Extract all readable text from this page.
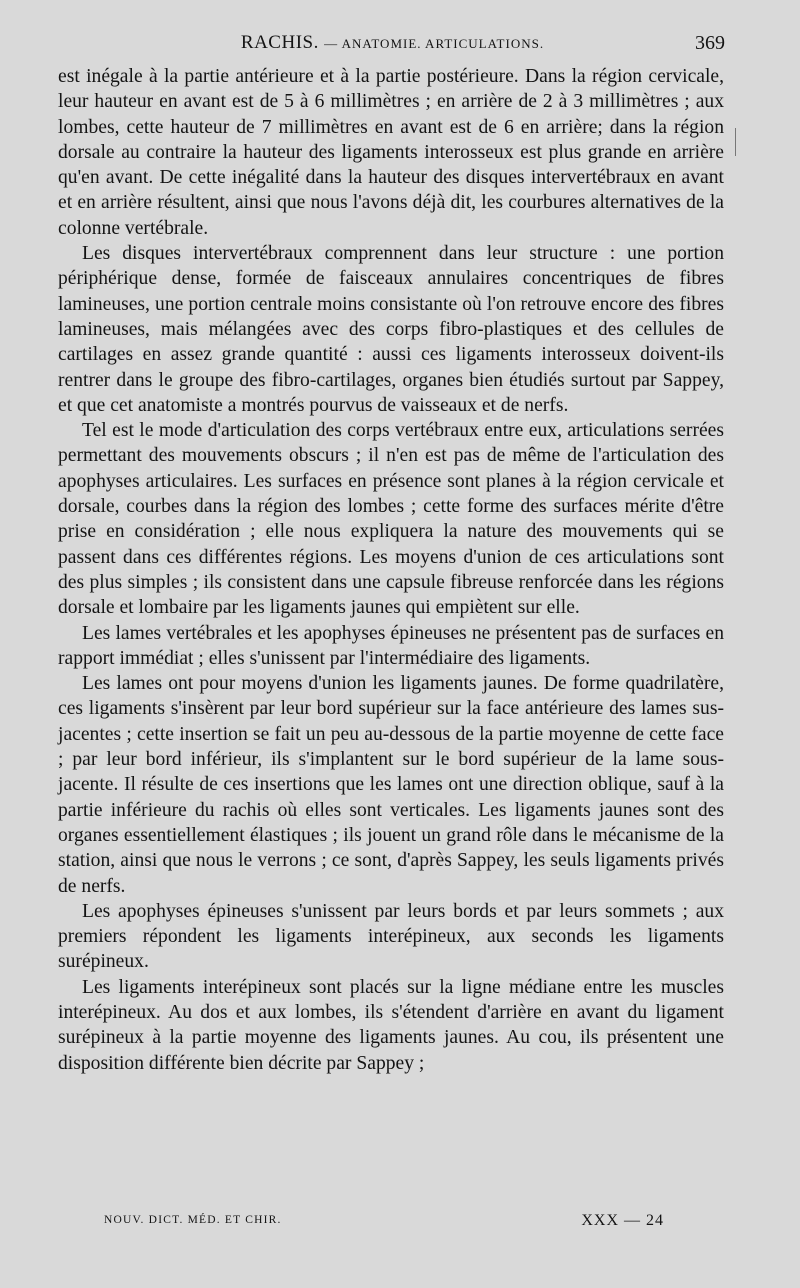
RACHIS. — ANATOMIE. ARTICULATIONS.	369

est inégale à la partie antérieure et à la partie postérieure. Dans la région cervicale, leur hauteur en avant est de 5 à 6 millimètres ; en arrière de 2 à 3 millimètres ; aux lombes, cette hauteur de 7 millimètres en avant est de 6 en arrière; dans la région dorsale au contraire la hauteur des ligaments interosseux est plus grande en arrière qu'en avant. De cette inégalité dans la hauteur des disques intervertébraux en avant et en arrière résultent, ainsi que nous l'avons déjà dit, les courbures alternatives de la colonne vertébrale.

Les disques intervertébraux comprennent dans leur structure : une portion périphérique dense, formée de faisceaux annulaires concentriques de fibres lamineuses, une portion centrale moins consistante où l'on retrouve encore des fibres lamineuses, mais mélangées avec des corps fibro-plastiques et des cellules de cartilages en assez grande quantité : aussi ces ligaments interosseux doivent-ils rentrer dans le groupe des fibro-cartilages, organes bien étudiés surtout par Sappey, et que cet anatomiste a montrés pourvus de vaisseaux et de nerfs.

Tel est le mode d'articulation des corps vertébraux entre eux, articulations serrées permettant des mouvements obscurs ; il n'en est pas de même de l'articulation des apophyses articulaires. Les surfaces en présence sont planes à la région cervicale et dorsale, courbes dans la région des lombes ; cette forme des surfaces mérite d'être prise en considération ; elle nous expliquera la nature des mouvements qui se passent dans ces différentes régions. Les moyens d'union de ces articulations sont des plus simples ; ils consistent dans une capsule fibreuse renforcée dans les régions dorsale et lombaire par les ligaments jaunes qui empiètent sur elle.

Les lames vertébrales et les apophyses épineuses ne présentent pas de surfaces en rapport immédiat ; elles s'unissent par l'intermédiaire des ligaments.

Les lames ont pour moyens d'union les ligaments jaunes. De forme quadrilatère, ces ligaments s'insèrent par leur bord supérieur sur la face antérieure des lames sus-jacentes ; cette insertion se fait un peu au-dessous de la partie moyenne de cette face ; par leur bord inférieur, ils s'implantent sur le bord supérieur de la lame sous-jacente. Il résulte de ces insertions que les lames ont une direction oblique, sauf à la partie inférieure du rachis où elles sont verticales. Les ligaments jaunes sont des organes essentiellement élastiques ; ils jouent un grand rôle dans le mécanisme de la station, ainsi que nous le verrons ; ce sont, d'après Sappey, les seuls ligaments privés de nerfs.

Les apophyses épineuses s'unissent par leurs bords et par leurs sommets ; aux premiers répondent les ligaments interépineux, aux seconds les ligaments surépineux.

Les ligaments interépineux sont placés sur la ligne médiane entre les muscles interépineux. Au dos et aux lombes, ils s'étendent d'arrière en avant du ligament surépineux à la partie moyenne des ligaments jaunes. Au cou, ils présentent une disposition différente bien décrite par Sappey ;

NOUV. DICT. MÉD. ET CHIR.	XXX — 24
